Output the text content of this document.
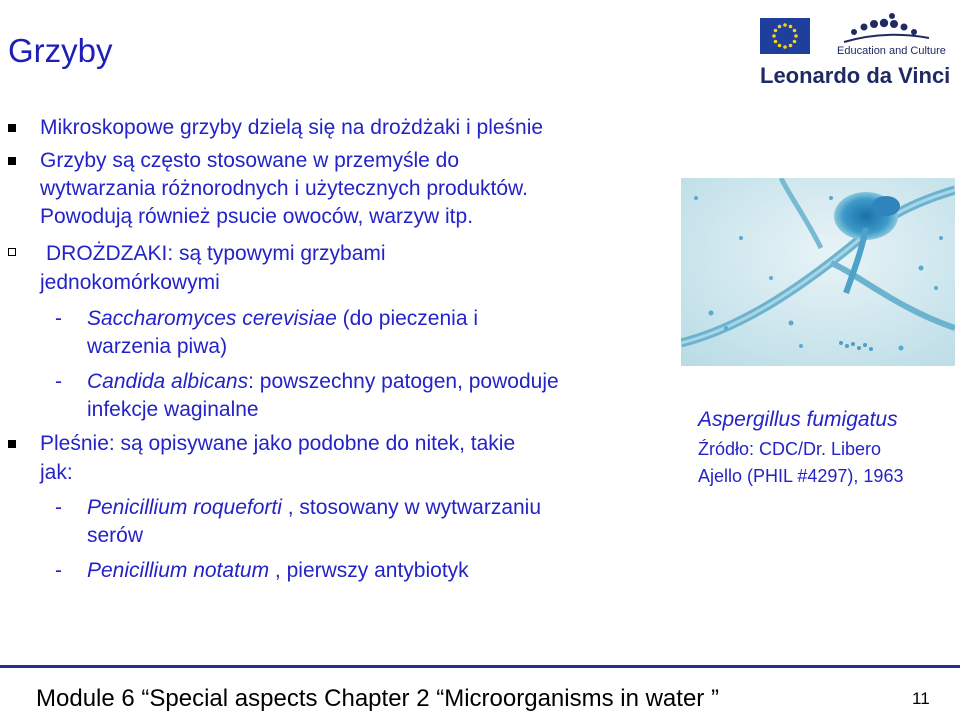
Grzyby	Education and Culture
Leonardo da Vinci
Mikroskopowe grzyby dzielą się na drożdżaki i pleśnie
Grzyby są często stosowane w przemyśle do
wytwarzania różnorodnych i użytecznych produktów.
Powodują również psucie owoców, warzyw itp.
DROŻDZAKI: są typowymi grzybami
jednokomórkowymi
- Saccharomyces cerevisiae (do pieczenia i
warzenia piwa)
- Candida albicans: powszechny patogen, powoduje
infekcje waginalne
Pleśnie: są opisywane jako podobne do nitek, takie
jak:
- Penicillium roqueforti , stosowany w wytwarzaniu
serów
- Penicillium notatum , pierwszy antybiotyk
Aspergillus fumigatus
Źródło: CDC/Dr. Libero
Ajello (PHIL #4297), 1963
Module 6 “Special aspects Chapter 2 “Microorganisms in water ”	11
